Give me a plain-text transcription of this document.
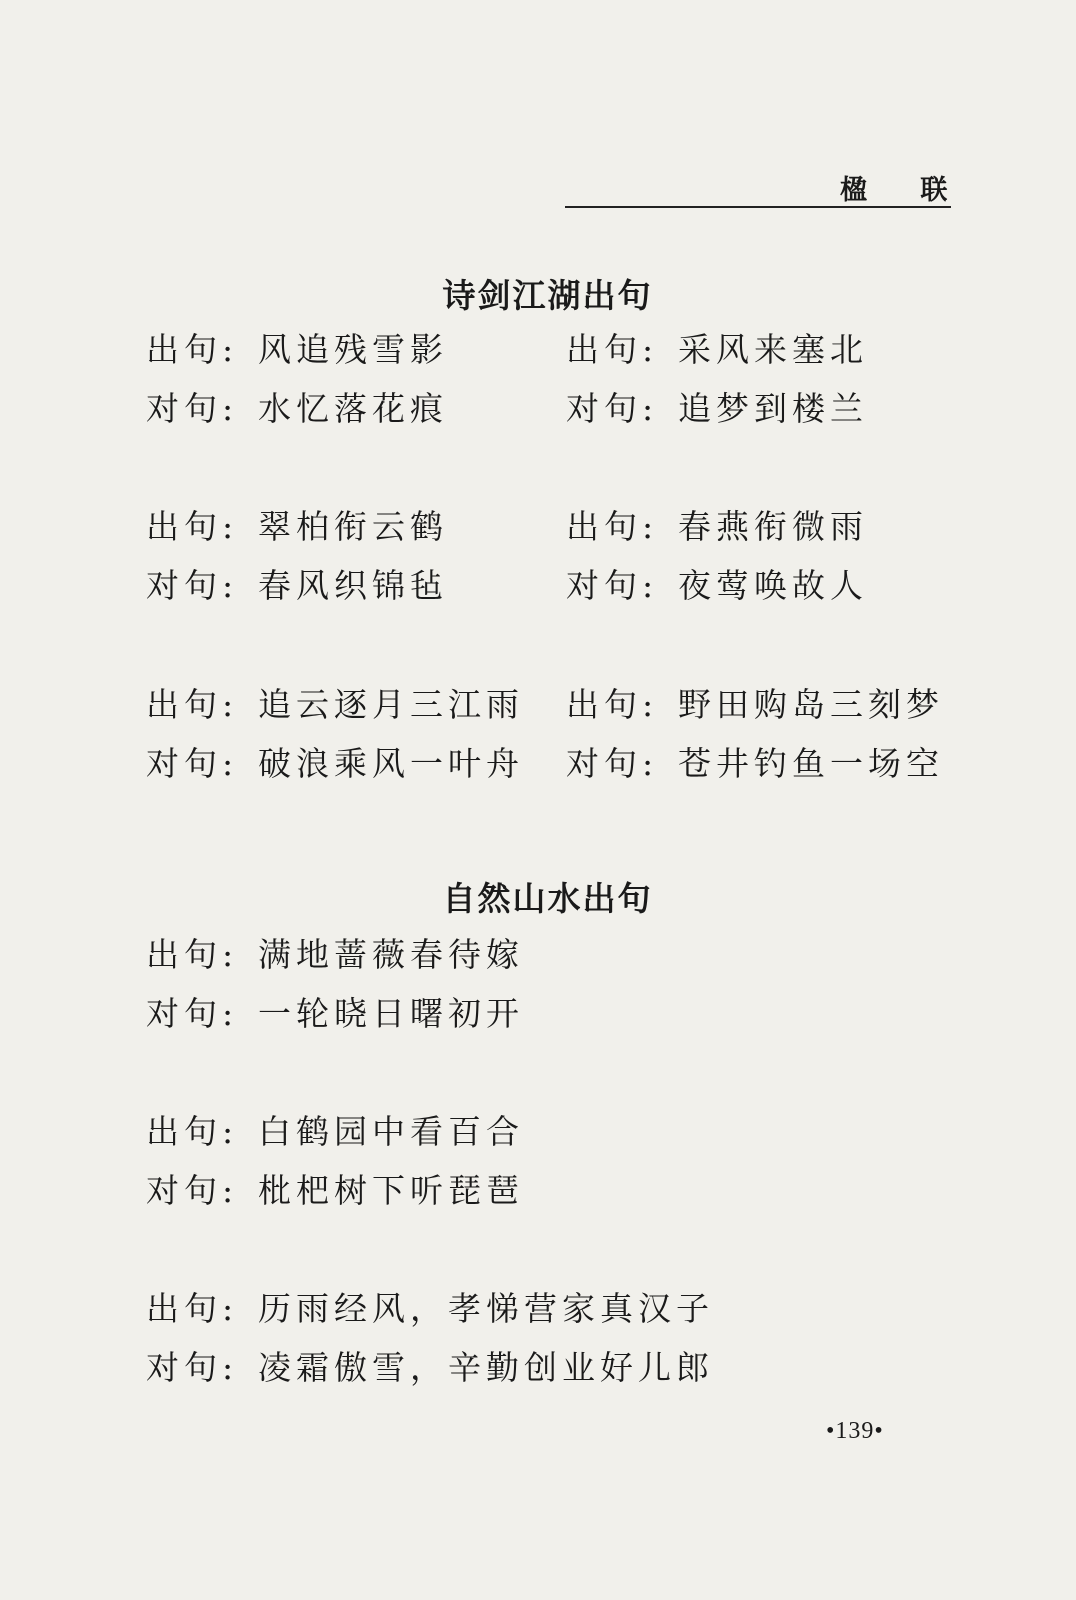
楹 联
诗剑江湖出句
出句: 风追残雪影
对句: 水忆落花痕
出句: 采风来塞北
对句: 追梦到楼兰
出句: 翠柏衔云鹤
对句: 春风织锦毡
出句: 春燕衔微雨
对句: 夜莺唤故人
出句: 追云逐月三江雨
对句: 破浪乘风一叶舟
出句: 野田购岛三刻梦
对句: 苍井钓鱼一场空
自然山水出句
出句: 满地蔷薇春待嫁
对句: 一轮晓日曙初开
出句: 白鹤园中看百合
对句: 枇杷树下听琵琶
出句: 历雨经风，孝悌营家真汉子
对句: 凌霜傲雪，辛勤创业好儿郎
•139•
